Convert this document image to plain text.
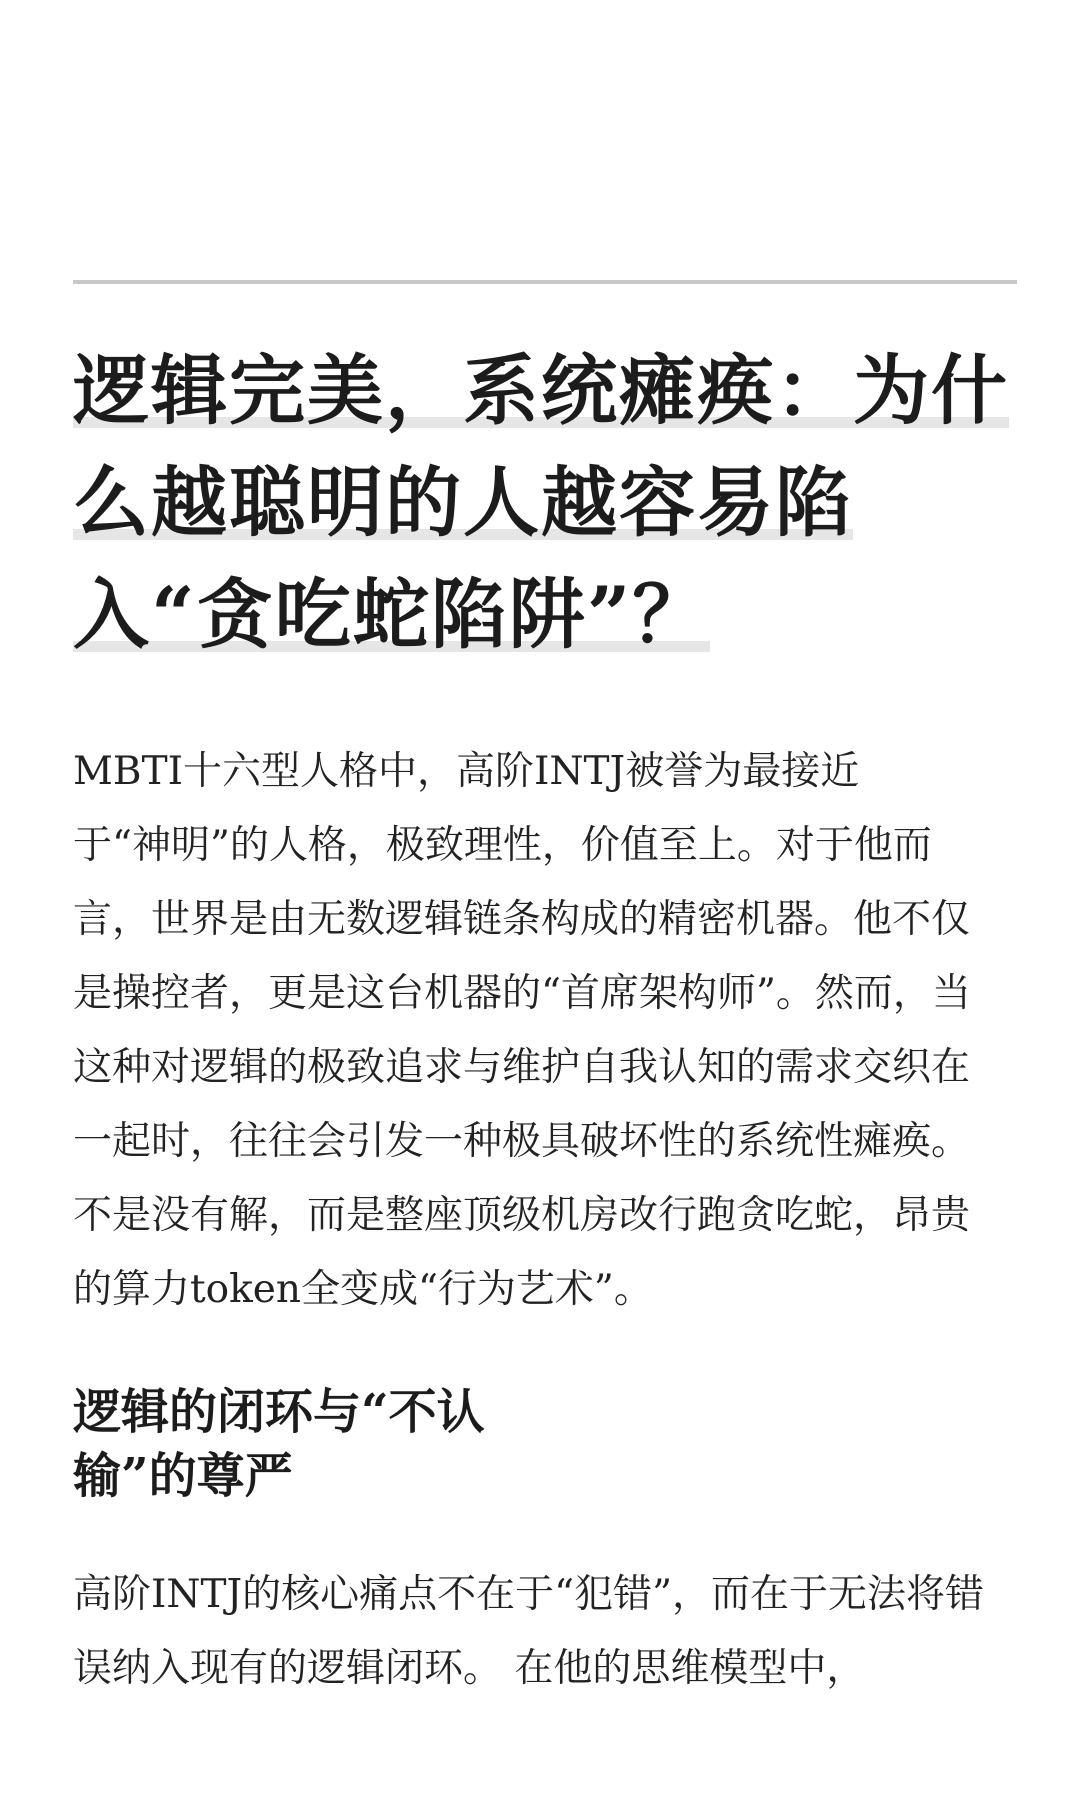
逻辑完美，系统瘫痪：为什么越聪明的人越容易陷入“贪吃蛇陷阱”？

MBTI十六型人格中，高阶INTJ被誉为最接近
于“神明”的人格，极致理性，价值至上。对于他而言，世界是由无数逻辑链条构成的精密机器。他不仅是操控者，更是这台机器的“首席架构师”。然而，当这种对逻辑的极致追求与维护自我认知的需求交织在一起时，往往会引发一种极具破坏性的系统性瘫痪。不是没有解，而是整座顶级机房改行跑贪吃蛇，昂贵的算力token全变成“行为艺术”。

逻辑的闭环与“不认输”的尊严

高阶INTJ的核心痛点不在于“犯错”，而在于无法将错误纳入现有的逻辑闭环。 在他的思维模型中，
